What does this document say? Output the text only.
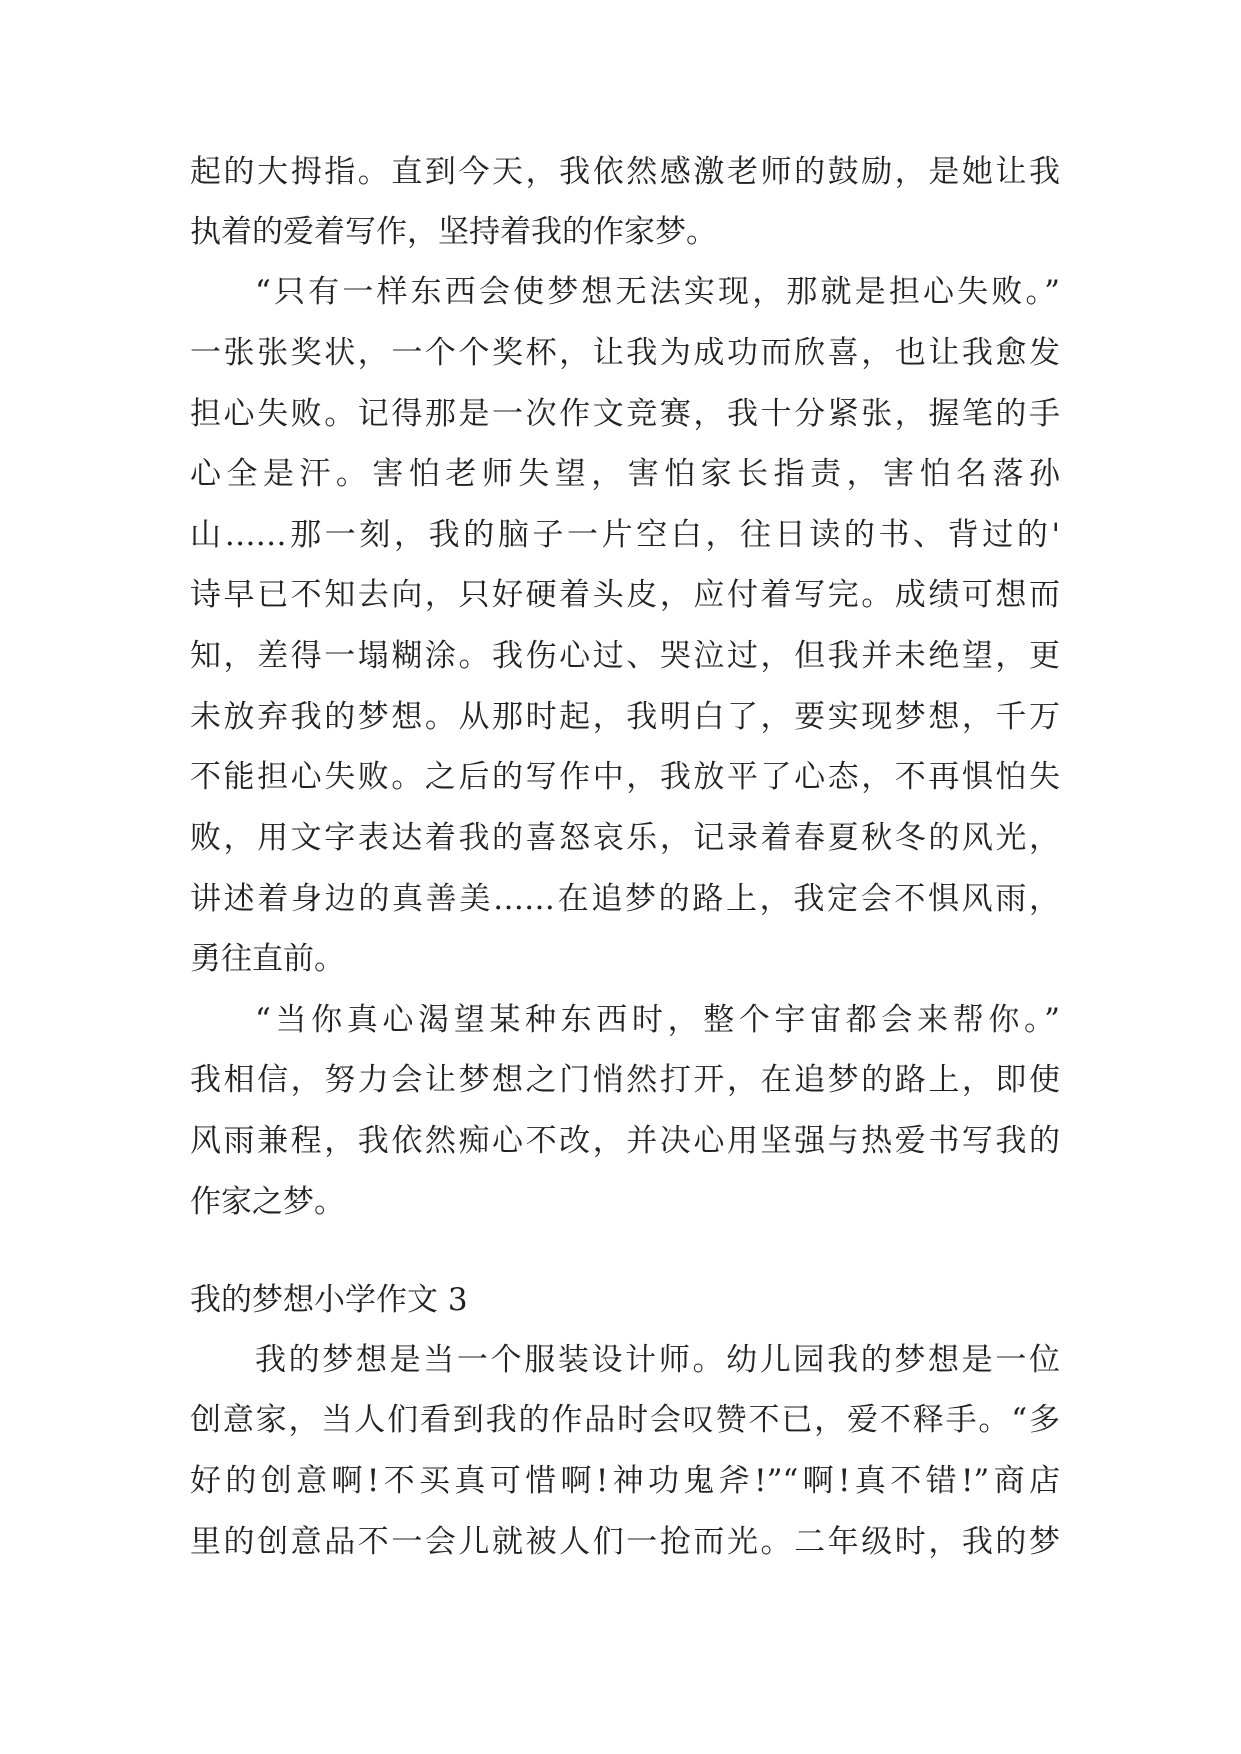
起的大拇指。直到今天，我依然感激老师的鼓励，是她让我
执着的爱着写作，坚持着我的作家梦。
“只有一样东西会使梦想无法实现，那就是担心失败。”
一张张奖状，一个个奖杯，让我为成功而欣喜，也让我愈发
担心失败。记得那是一次作文竞赛，我十分紧张，握笔的手
心全是汗。害怕老师失望，害怕家长指责，害怕名落孙
山……那一刻，我的脑子一片空白，往日读的书、背过的'
诗早已不知去向，只好硬着头皮，应付着写完。成绩可想而
知，差得一塌糊涂。我伤心过、哭泣过，但我并未绝望，更
未放弃我的梦想。从那时起，我明白了，要实现梦想，千万
不能担心失败。之后的写作中，我放平了心态，不再惧怕失
败，用文字表达着我的喜怒哀乐，记录着春夏秋冬的风光，
讲述着身边的真善美……在追梦的路上，我定会不惧风雨，
勇往直前。
“当你真心渴望某种东西时，整个宇宙都会来帮你。”
我相信，努力会让梦想之门悄然打开，在追梦的路上，即使
风雨兼程，我依然痴心不改，并决心用坚强与热爱书写我的
作家之梦。
我的梦想小学作文 3
我的梦想是当一个服装设计师。幼儿园我的梦想是一位
创意家，当人们看到我的作品时会叹赞不已，爱不释手。“多
好的创意啊!不买真可惜啊!神功鬼斧!”“啊!真不错!”商店
里的创意品不一会儿就被人们一抢而光。二年级时，我的梦
